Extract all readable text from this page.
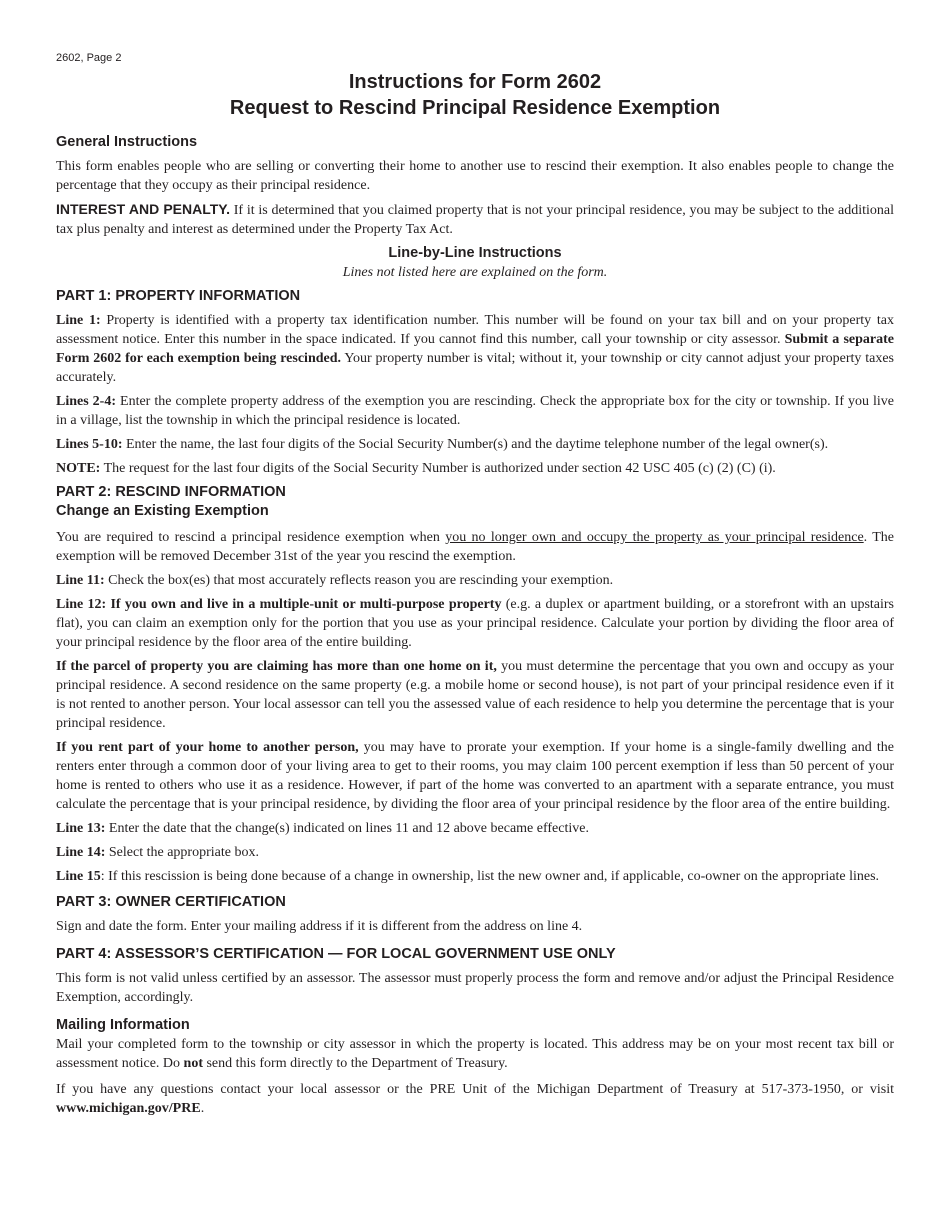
2602, Page 2
Instructions for Form 2602
Request to Rescind Principal Residence Exemption
General Instructions

This form enables people who are selling or converting their home to another use to rescind their exemption. It also enables people to change the percentage that they occupy as their principal residence.

INTEREST AND PENALTY. If it is determined that you claimed property that is not your principal residence, you may be subject to the additional tax plus penalty and interest as determined under the Property Tax Act.

Line-by-Line Instructions

Lines not listed here are explained on the form.

PART 1: PROPERTY INFORMATION

Line 1: Property is identified with a property tax identification number. This number will be found on your tax bill and on your property tax assessment notice. Enter this number in the space indicated. If you cannot find this number, call your township or city assessor. Submit a separate Form 2602 for each exemption being rescinded. Your property number is vital; without it, your township or city cannot adjust your property taxes accurately.

Lines 2-4: Enter the complete property address of the exemption you are rescinding. Check the appropriate box for the city or township. If you live in a village, list the township in which the principal residence is located.

Lines 5-10: Enter the name, the last four digits of the Social Security Number(s) and the daytime telephone number of the legal owner(s).

NOTE: The request for the last four digits of the Social Security Number is authorized under section 42 USC 405 (c) (2) (C) (i).

PART 2: RESCIND INFORMATION
Change an Existing Exemption

You are required to rescind a principal residence exemption when you no longer own and occupy the property as your principal residence. The exemption will be removed December 31st of the year you rescind the exemption.

Line 11: Check the box(es) that most accurately reflects reason you are rescinding your exemption.

Line 12: If you own and live in a multiple-unit or multi-purpose property (e.g. a duplex or apartment building, or a storefront with an upstairs flat), you can claim an exemption only for the portion that you use as your principal residence. Calculate your portion by dividing the floor area of your principal residence by the floor area of the entire building.

If the parcel of property you are claiming has more than one home on it, you must determine the percentage that you own and occupy as your principal residence. A second residence on the same property (e.g. a mobile home or second house), is not part of your principal residence even if it is not rented to another person. Your local assessor can tell you the assessed value of each residence to help you determine the percentage that is your principal residence.

If you rent part of your home to another person, you may have to prorate your exemption. If your home is a single-family dwelling and the renters enter through a common door of your living area to get to their rooms, you may claim 100 percent exemption if less than 50 percent of your home is rented to others who use it as a residence. However, if part of the home was converted to an apartment with a separate entrance, you must calculate the percentage that is your principal residence, by dividing the floor area of your principal residence by the floor area of the entire building.

Line 13: Enter the date that the change(s) indicated on lines 11 and 12 above became effective.

Line 14: Select the appropriate box.

Line 15: If this rescission is being done because of a change in ownership, list the new owner and, if applicable, co-owner on the appropriate lines.

PART 3: OWNER CERTIFICATION

Sign and date the form. Enter your mailing address if it is different from the address on line 4.

PART 4: ASSESSOR’S CERTIFICATION — FOR LOCAL GOVERNMENT USE ONLY

This form is not valid unless certified by an assessor. The assessor must properly process the form and remove and/or adjust the Principal Residence Exemption, accordingly.

Mailing Information

Mail your completed form to the township or city assessor in which the property is located. This address may be on your most recent tax bill or assessment notice. Do not send this form directly to the Department of Treasury.

If you have any questions contact your local assessor or the PRE Unit of the Michigan Department of Treasury at 517-373-1950, or visit www.michigan.gov/PRE.
